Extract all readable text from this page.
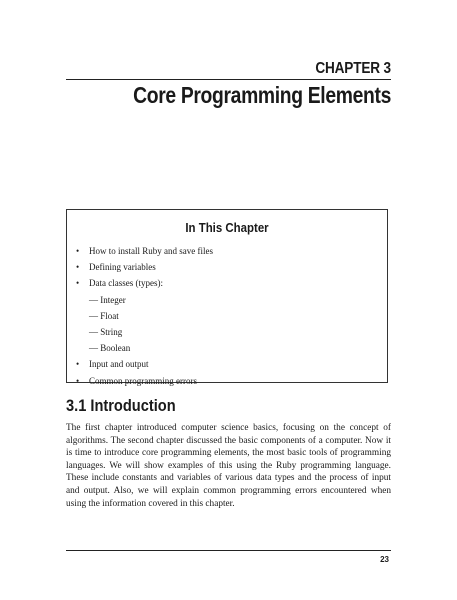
CHAPTER 3
Core Programming Elements
In This Chapter
• How to install Ruby and save files
• Defining variables
• Data classes (types):
— Integer
— Float
— String
— Boolean
• Input and output
• Common programming errors
3.1 Introduction

The first chapter introduced computer science basics, focusing on the concept of algorithms. The second chapter discussed the basic components of a computer. Now it is time to introduce core programming elements, the most basic tools of programming languages. We will show examples of this using the Ruby programming language. These include constants and variables of various data types and the process of input and output. Also, we will explain common programming errors encountered when using the information covered in this chapter.

23
